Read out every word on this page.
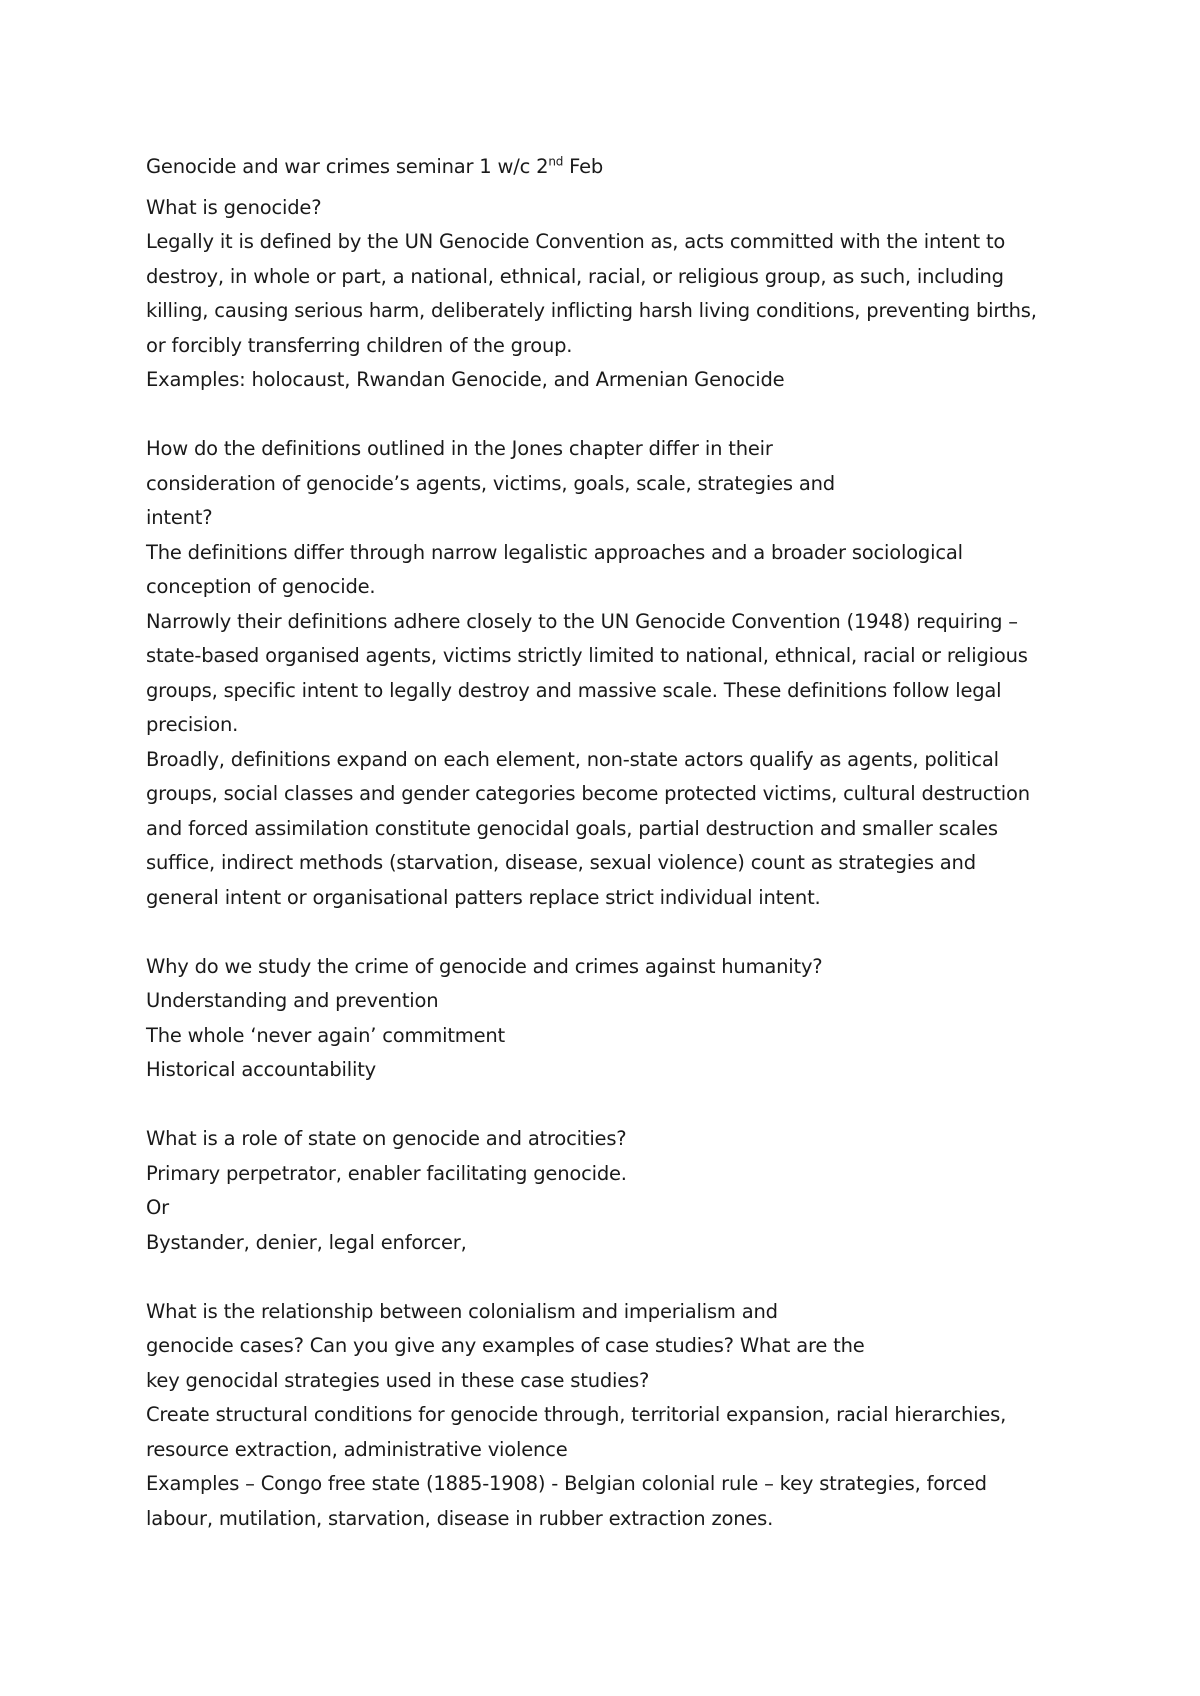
Genocide and war crimes seminar 1 w/c 2nd Feb
What is genocide?
Legally it is defined by the UN Genocide Convention as, acts committed with the intent to
destroy, in whole or part, a national, ethnical, racial, or religious group, as such, including
killing, causing serious harm, deliberately inflicting harsh living conditions, preventing births,
or forcibly transferring children of the group.
Examples: holocaust, Rwandan Genocide, and Armenian Genocide
How do the definitions outlined in the Jones chapter differ in their
consideration of genocide’s agents, victims, goals, scale, strategies and
intent?
The definitions differ through narrow legalistic approaches and a broader sociological
conception of genocide.
Narrowly their definitions adhere closely to the UN Genocide Convention (1948) requiring –
state-based organised agents, victims strictly limited to national, ethnical, racial or religious
groups, specific intent to legally destroy and massive scale. These definitions follow legal
precision.
Broadly, definitions expand on each element, non-state actors qualify as agents, political
groups, social classes and gender categories become protected victims, cultural destruction
and forced assimilation constitute genocidal goals, partial destruction and smaller scales
suffice, indirect methods (starvation, disease, sexual violence) count as strategies and
general intent or organisational patters replace strict individual intent.
Why do we study the crime of genocide and crimes against humanity?
Understanding and prevention
The whole ‘never again’ commitment
Historical accountability
What is a role of state on genocide and atrocities?
Primary perpetrator, enabler facilitating genocide.
Or
Bystander, denier, legal enforcer,
What is the relationship between colonialism and imperialism and
genocide cases? Can you give any examples of case studies? What are the
key genocidal strategies used in these case studies?
Create structural conditions for genocide through, territorial expansion, racial hierarchies,
resource extraction, administrative violence
Examples – Congo free state (1885-1908) - Belgian colonial rule – key strategies, forced
labour, mutilation, starvation, disease in rubber extraction zones.
